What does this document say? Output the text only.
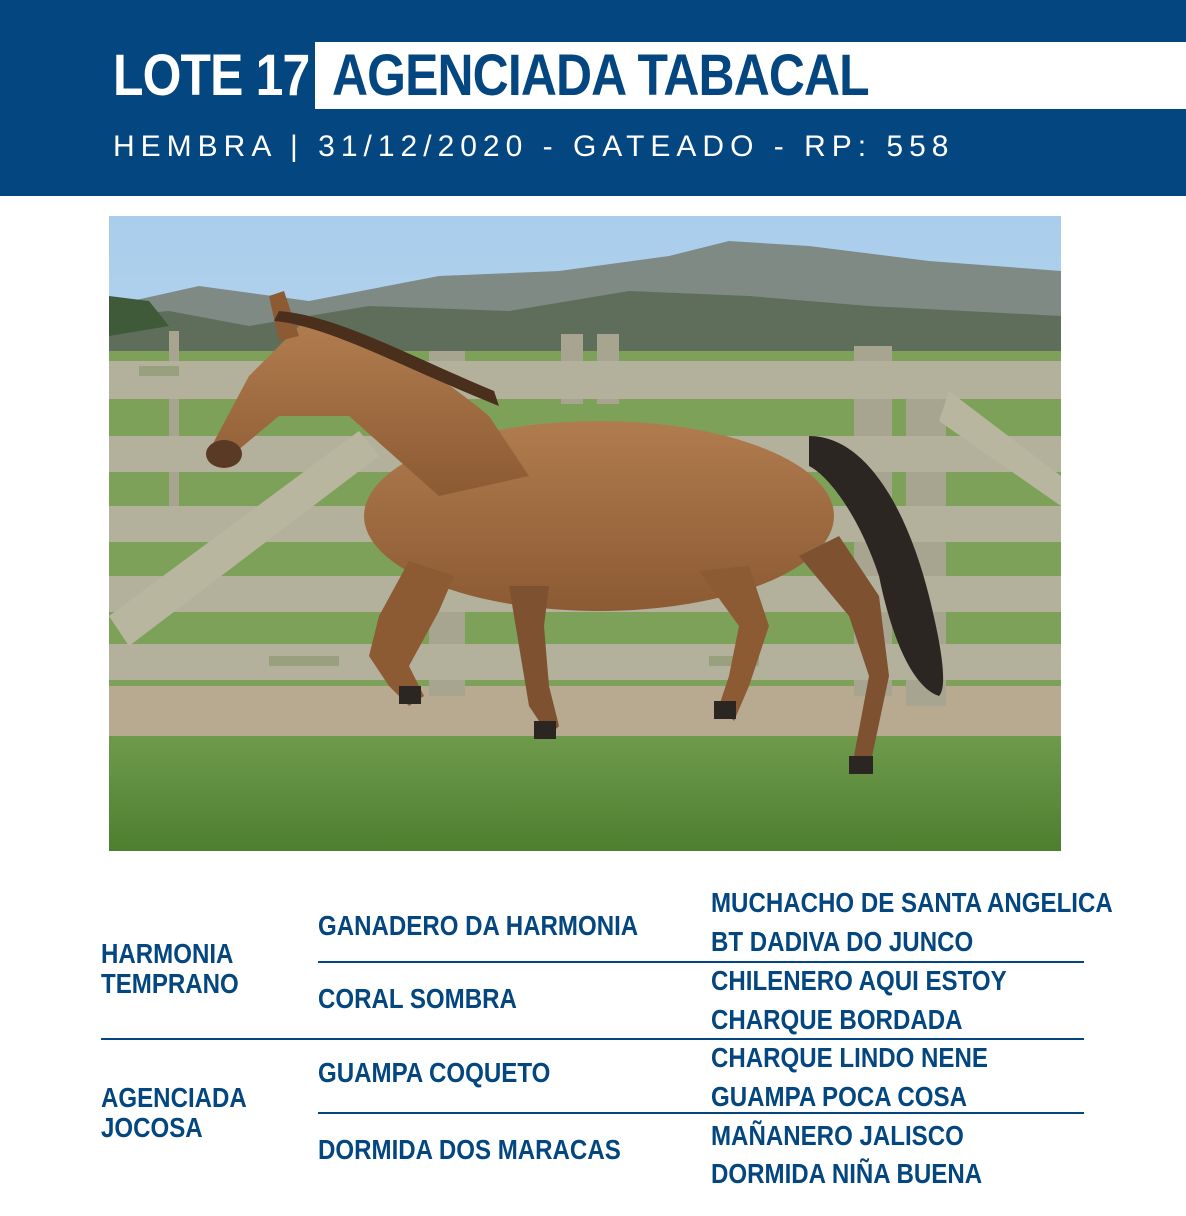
LOTE 17 AGENCIADA TABACAL
HEMBRA | 31/12/2020 - GATEADO - RP: 558
HARMONIA TEMPRANO
AGENCIADA JOCOSA
GANADERO DA HARMONIA
CORAL SOMBRA
GUAMPA COQUETO
DORMIDA DOS MARACAS
MUCHACHO DE SANTA ANGELICA
BT DADIVA DO JUNCO
CHILENERO AQUI ESTOY
CHARQUE BORDADA
CHARQUE LINDO NENE
GUAMPA POCA COSA
MAÑANERO JALISCO
DORMIDA NIÑA BUENA
